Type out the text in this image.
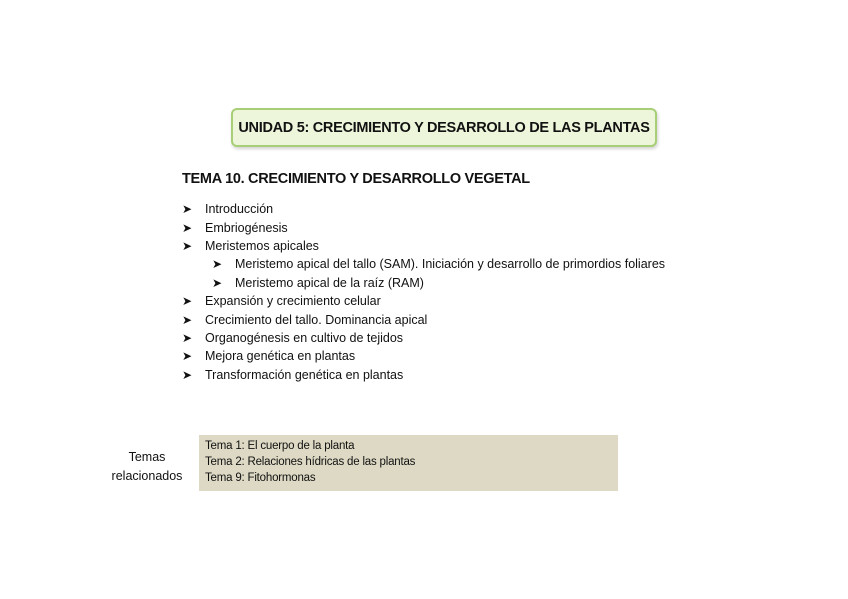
UNIDAD 5: CRECIMIENTO Y DESARROLLO DE LAS PLANTAS
TEMA 10. CRECIMIENTO Y DESARROLLO VEGETAL
➤	Introducción
➤	Embriogénesis
➤	Meristemos apicales
➤	Meristemo apical del tallo (SAM). Iniciación y desarrollo de primordios foliares
➤	Meristemo apical de la raíz (RAM)
➤	Expansión y crecimiento celular
➤	Crecimiento del tallo. Dominancia apical
➤	Organogénesis en cultivo de tejidos
➤	Mejora genética en plantas
➤	Transformación genética en plantas
Temas
relacionados
Tema 1: El cuerpo de la planta
Tema 2: Relaciones hídricas de las plantas
Tema 9: Fitohormonas
